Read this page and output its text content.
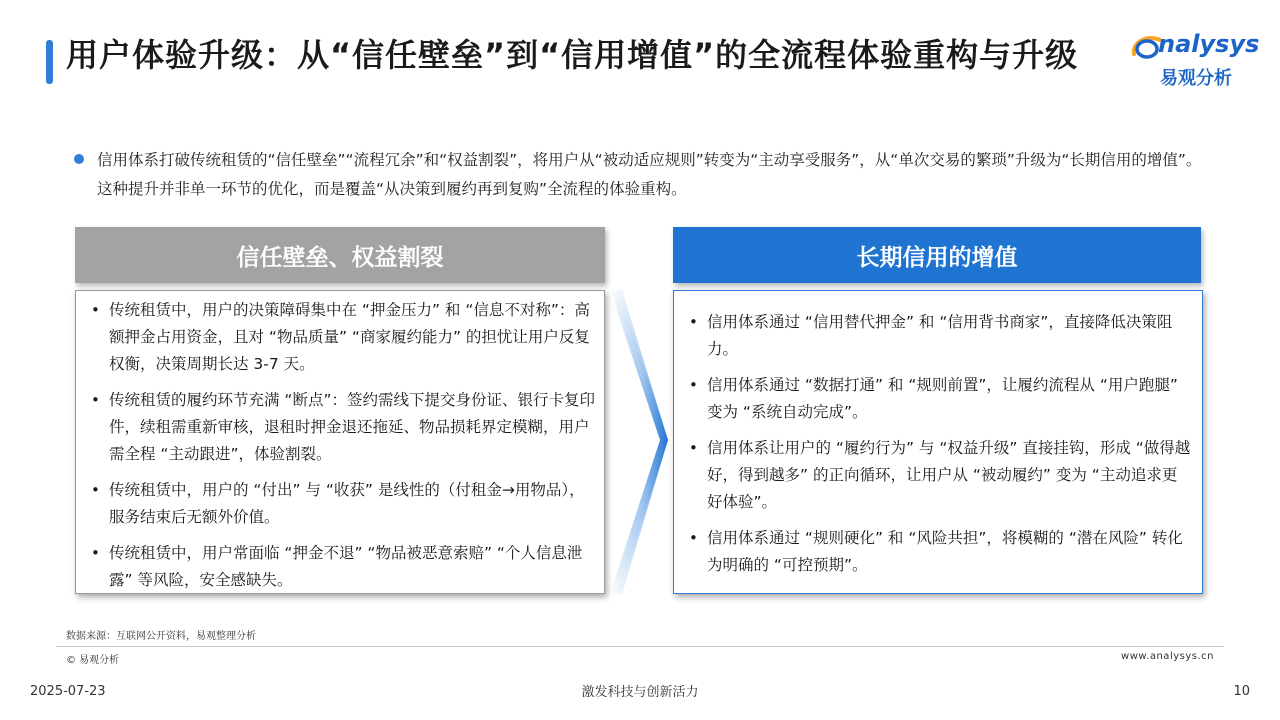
用户体验升级：从“信任壁垒”到“信用增值”的全流程体验重构与升级	nalysys
易观分析
信用体系打破传统租赁的“信任壁垒”“流程冗余”和“权益割裂”，将用户从“被动适应规则”转变为“主动享受服务”，从“单次交易的繁琐”升级为“长期信用的增值”。这种提升并非单一环节的优化，而是覆盖“从决策到履约再到复购”全流程的体验重构。
信任壁垒、权益割裂
• 传统租赁中，用户的决策障碍集中在 “押金压力” 和 “信息不对称”：高额押金占用资金，且对 “物品质量” “商家履约能力” 的担忧让用户反复权衡，决策周期长达 3-7 天。
• 传统租赁的履约环节充满 “断点”：签约需线下提交身份证、银行卡复印件，续租需重新审核，退租时押金退还拖延、物品损耗界定模糊，用户需全程 “主动跟进”，体验割裂。
• 传统租赁中，用户的 “付出” 与 “收获” 是线性的（付租金→用物品），服务结束后无额外价值。
• 传统租赁中，用户常面临 “押金不退” “物品被恶意索赔” “个人信息泄露” 等风险，安全感缺失。
长期信用的增值
• 信用体系通过 “信用替代押金” 和 “信用背书商家”，直接降低决策阻力。
• 信用体系通过 “数据打通” 和 “规则前置”，让履约流程从 “用户跑腿” 变为 “系统自动完成”。
• 信用体系让用户的 “履约行为” 与 “权益升级” 直接挂钩，形成 “做得越好，得到越多” 的正向循环，让用户从 “被动履约” 变为 “主动追求更好体验”。
• 信用体系通过 “规则硬化” 和 “风险共担”，将模糊的 “潜在风险” 转化为明确的 “可控预期”。
数据来源：互联网公开资料，易观整理分析
© 易观分析	www.analysys.cn
2025-07-23	激发科技与创新活力	10
